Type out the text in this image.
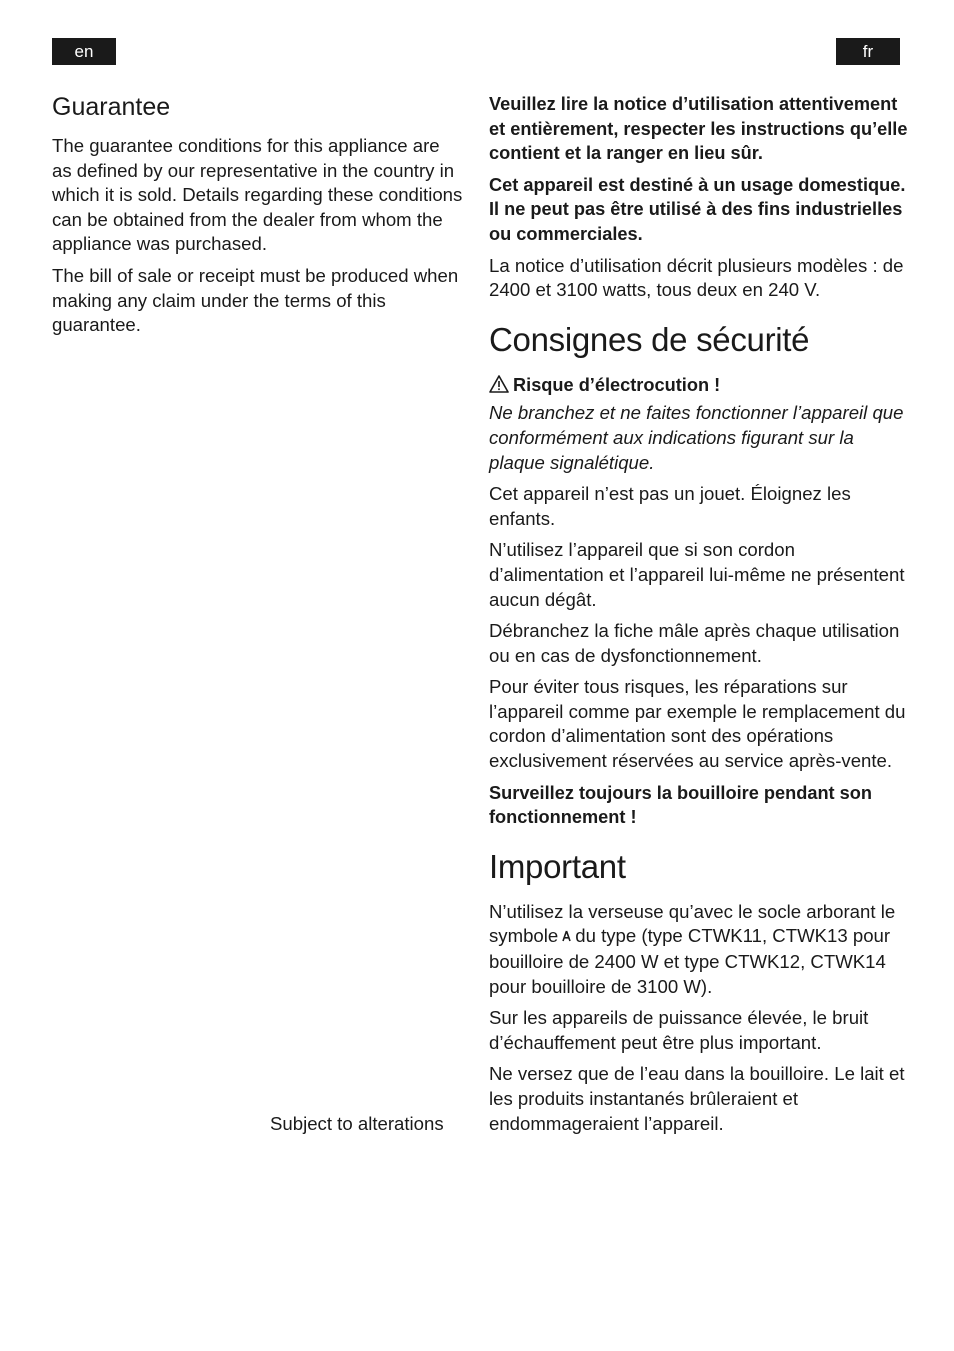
en	fr
Guarantee

The guarantee conditions for this appliance are as defined by our representative in the country in which it is sold. Details regarding these conditions can be obtained from the dealer from whom the appliance was purchased.

The bill of sale or receipt must be produced when making any claim under the terms of this guarantee.

Subject to alterations

Veuillez lire la notice d’utilisation attentivement et entièrement, respecter les instructions qu’elle contient et la ranger en lieu sûr.

Cet appareil est destiné à un usage domestique. Il ne peut pas être utilisé à des fins industrielles ou commerciales.

La notice d’utilisation décrit plusieurs modèles : de 2400 et 3100 watts, tous deux en 240 V.

Consignes de sécurité

Risque d’électrocution !

Ne branchez et ne faites fonctionner l’appareil que conformément aux indications figurant sur la plaque signalétique.

Cet appareil n’est pas un jouet. Éloignez les enfants.

N’utilisez l’appareil que si son cordon d’alimentation et l’appareil lui-même ne présentent aucun dégât.

Débranchez la fiche mâle après chaque utilisation ou en cas de dysfonctionnement.

Pour éviter tous risques, les réparations sur l’appareil comme par exemple le remplacement du cordon d’alimentation sont des opérations exclusivement réservées au service après-vente.

Surveillez toujours la bouilloire pendant son fonctionnement !

Important

N’utilisez la verseuse qu’avec le socle arborant le symbole du type (type CTWK11, CTWK13 pour bouilloire de 2400 W et type CTWK12, CTWK14 pour bouilloire de 3100 W).

Sur les appareils de puissance élevée, le bruit d’échauffement peut être plus important.

Ne versez que de l’eau dans la bouilloire. Le lait et les produits instantanés brûleraient et endommageraient l’appareil.
